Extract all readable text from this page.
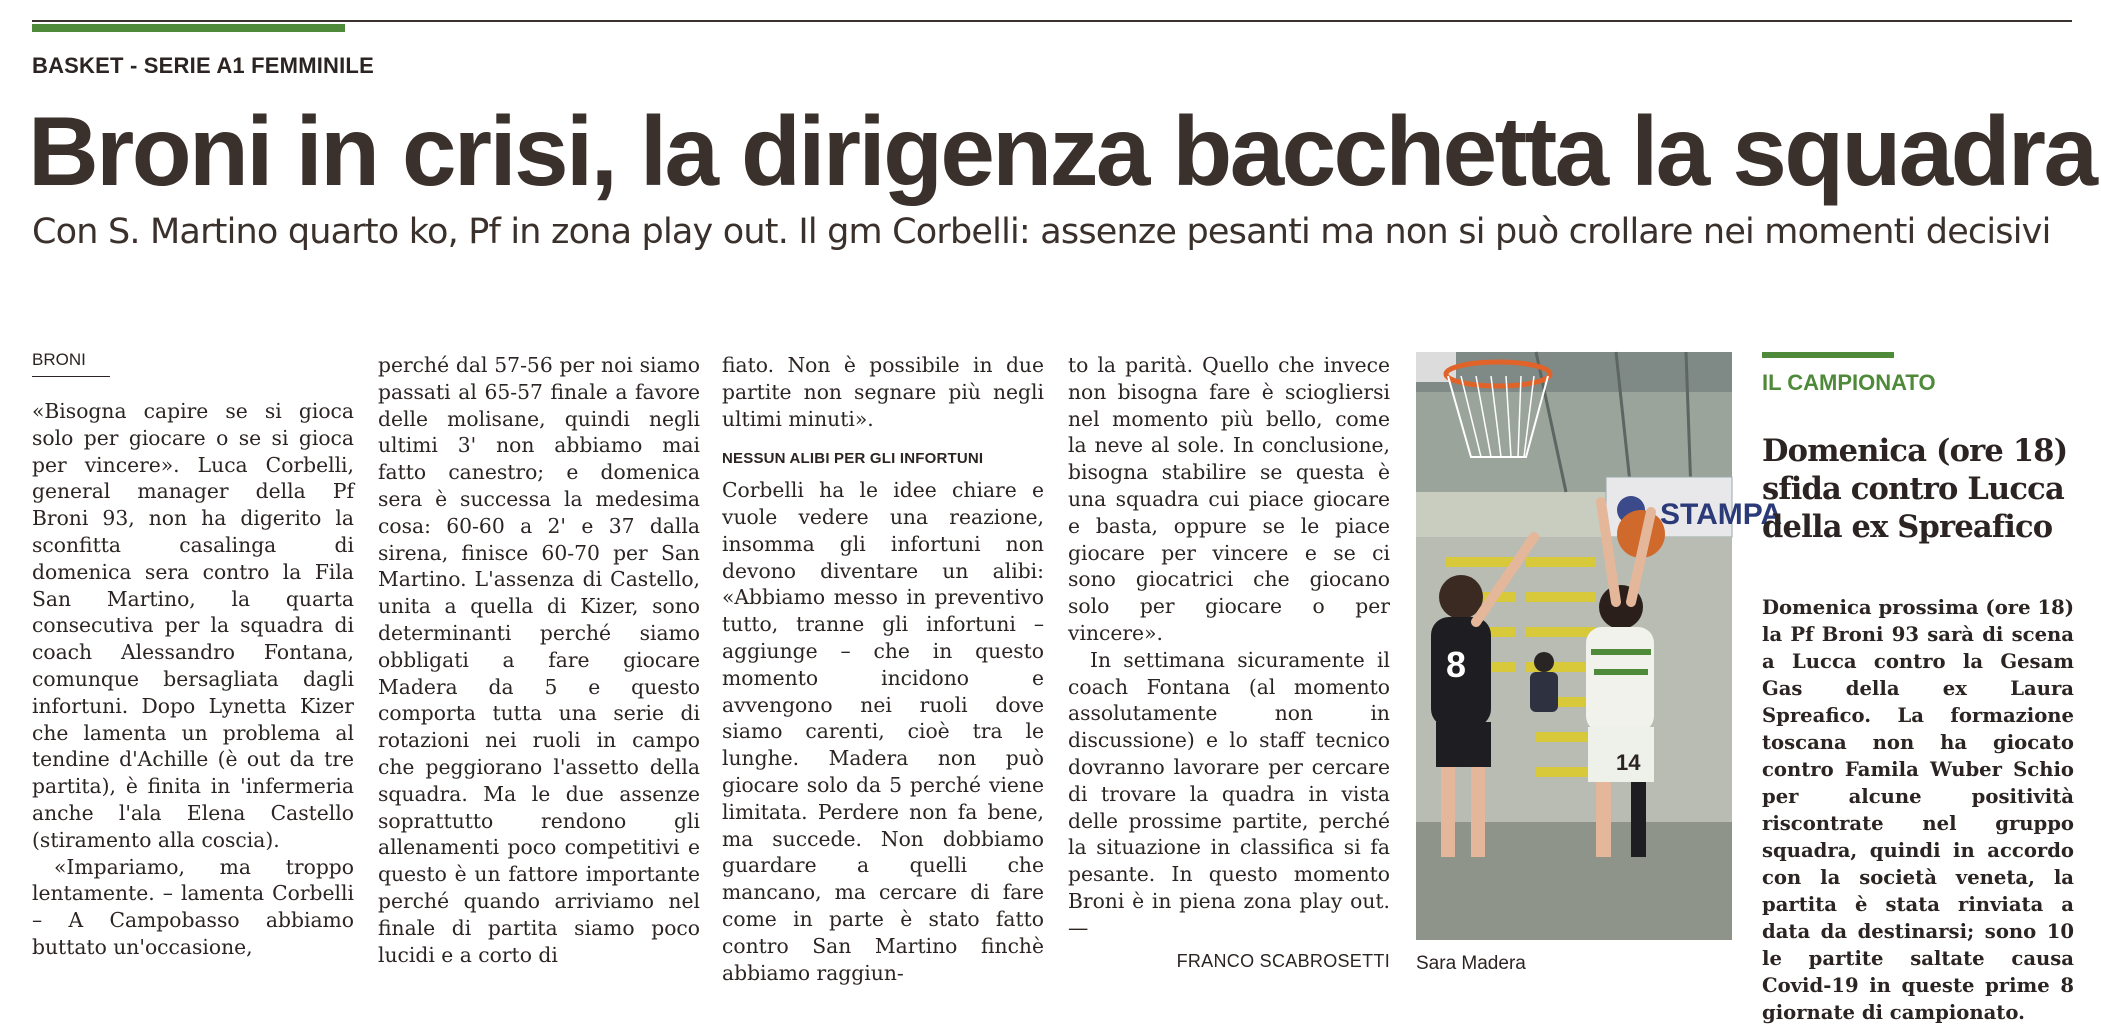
BASKET - SERIE A1 FEMMINILE
Broni in crisi, la dirigenza bacchetta la squadra
Con S. Martino quarto ko, Pf in zona play out. Il gm Corbelli: assenze pesanti ma non si può crollare nei momenti decisivi
BRONI

«Bisogna capire se si gioca solo per giocare o se si gioca per vincere». Luca Corbelli, general manager della Pf Broni 93, non ha digerito la sconfitta casalinga di domenica sera contro la Fila San Martino, la quarta consecutiva per la squadra di coach Alessandro Fontana, comunque bersagliata dagli infortuni. Dopo Lynetta Kizer che lamenta un problema al tendine d'Achille (è out da tre partita), è finita in 'infermeria anche l'ala Elena Castello (stiramento alla coscia).

«Impariamo, ma troppo lentamente. – lamenta Corbelli – A Campobasso abbiamo buttato un'occasione,

perché dal 57-56 per noi siamo passati al 65-57 finale a favore delle molisane, quindi negli ultimi 3' non abbiamo mai fatto canestro; e domenica sera è successa la medesima cosa: 60-60 a 2' e 37 dalla sirena, finisce 60-70 per San Martino. L'assenza di Castello, unita a quella di Kizer, sono determinanti perché siamo obbligati a fare giocare Madera da 5 e questo comporta tutta una serie di rotazioni nei ruoli in campo che peggiorano l'assetto della squadra. Ma le due assenze soprattutto rendono gli allenamenti poco competitivi e questo è un fattore importante perché quando arriviamo nel finale di partita siamo poco lucidi e a corto di

fiato. Non è possibile in due partite non segnare più negli ultimi minuti».

NESSUN ALIBI PER GLI INFORTUNI

Corbelli ha le idee chiare e vuole vedere una reazione, insomma gli infortuni non devono diventare un alibi: «Abbiamo messo in preventivo tutto, tranne gli infortuni – aggiunge – che in questo momento incidono e avvengono nei ruoli dove siamo carenti, cioè tra le lunghe. Madera non può giocare solo da 5 perché viene limitata. Perdere non fa bene, ma succede. Non dobbiamo guardare a quelli che mancano, ma cercare di fare come in parte è stato fatto contro San Martino finchè abbiamo raggiun-

to la parità. Quello che invece non bisogna fare è sciogliersi nel momento più bello, come la neve al sole. In conclusione, bisogna stabilire se questa è una squadra cui piace giocare e basta, oppure se le piace giocare per vincere e se ci sono giocatrici che giocano solo per giocare o per vincere».

In settimana sicuramente il coach Fontana (al momento assolutamente non in discussione) e lo staff tecnico dovranno lavorare per cercare di trovare la quadra in vista delle prossime partite, perché la situazione in classifica si fa pesante. In questo momento Broni è in piena zona play out. —

FRANCO SCABROSETTI
STAMPA
8
14
Sara Madera
IL CAMPIONATO
Domenica (ore 18) sfida contro Lucca della ex Spreafico
Domenica prossima (ore 18) la Pf Broni 93 sarà di scena a Lucca contro la Gesam Gas della ex Laura Spreafico. La formazione toscana non ha giocato contro Famila Wuber Schio per alcune positività riscontrate nel gruppo squadra, quindi in accordo con la società veneta, la partita è stata rinviata a data da destinarsi; sono 10 le partite saltate causa Covid-19 in queste prime 8 giornate di campionato.
